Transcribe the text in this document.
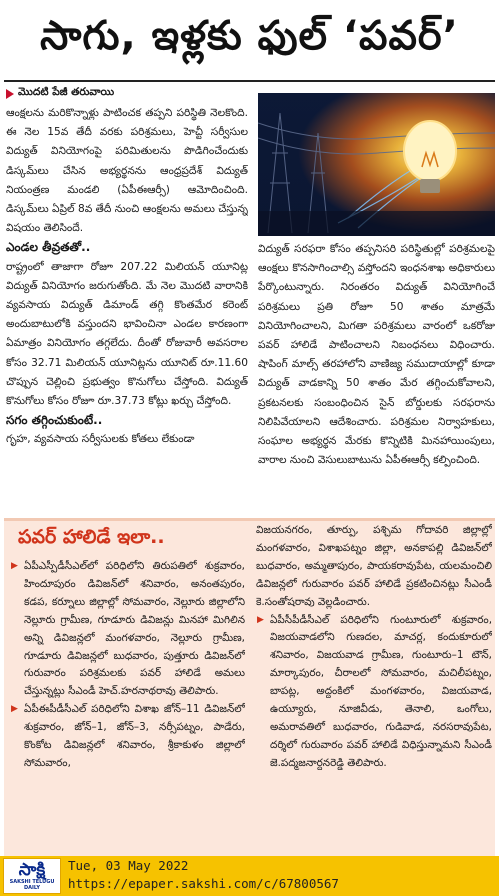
సాగు, ఇళ్లకు ఫుల్ ‘పవర్’
మొదటి పేజీ తరువాయి

ఆంక్షలను మరికొన్నాళ్లు పాటించక తప్పని పరిస్థితి నెలకొంది. ఈ నెల 15వ తేదీ వరకు పరిశ్రమలు, హెచ్టీ సర్వీసుల విద్యుత్ వినియోగంపై పరిమితులను పొడిగించేందుకు డిస్కమ్‌లు చేసిన అభ్యర్థనను ఆంధ్రప్రదేశ్ విద్యుత్ నియంత్రణ మండలి (ఏపీఈఆర్సీ) ఆమోదించింది. డిస్కమ్‌లు ఏప్రిల్ 8వ తేదీ నుంచి ఆంక్షలను అమలు చేస్తున్న విషయం తెలిసిందే.

ఎండల తీవ్రతతో..

రాష్ట్రంలో తాజాగా రోజూ 207.22 మిలియన్ యూనిట్ల విద్యుత్ వినియోగం జరుగుతోంది. మే నెల మొదటి వారానికి వ్యవసాయ విద్యుత్ డిమాండ్ తగ్గి కొంతమేర కరెంట్ అందుబాటులోకి వస్తుందని భావించినా ఎండల కారణంగా ఏమాత్రం వినియోగం తగ్గలేదు. దీంతో రోజువారీ అవసరాల కోసం 32.71 మిలియన్ యూనిట్లను యూనిట్ రూ.11.60 చొప్పున చెల్లించి ప్రభుత్వం కొనుగోలు చేస్తోంది. విద్యుత్ కొనుగోలు కోసం రోజూ రూ.37.73 కోట్లు ఖర్చు చేస్తోంది.

సగం తగ్గించుకుంటే..

గృహ, వ్యవసాయ సర్వీసులకు కోతలు లేకుండా

విద్యుత్ సరఫరా కోసం తప్పనిసరి పరిస్థితుల్లో పరిశ్రమలపై ఆంక్షలు కొనసాగించాల్సి వస్తోందని ఇంధనశాఖ అధికారులు పేర్కొంటున్నారు. నిరంతరం విద్యుత్ వినియోగించే పరిశ్రమలు ప్రతి రోజూ 50 శాతం మాత్రమే వినియోగించాలని, మిగతా పరిశ్రమలు వారంలో ఒకరోజు పవర్ హాలిడే పాటించాలని నిబంధనలు విధించారు. షాపింగ్ మాల్స్ తరహాలోని వాణిజ్య సముదాయాల్లో కూడా విద్యుత్ వాడకాన్ని 50 శాతం మేర తగ్గించుకోవాలని, ప్రకటనలకు సంబంధించిన సైన్ బోర్డులకు సరఫరాను నిలిపివేయాలని ఆదేశించారు. పరిశ్రమల నిర్వాహకులు, సంఘాల అభ్యర్థన మేరకు కొన్నిటికి మినహాయింపులు, వారాల నుంచి వెసులుబాటును ఏపీఈఆర్సీ కల్పించింది.

పవర్ హాలిడే ఇలా..
▶ ఏపీఎస్పీడీసీఎల్‌లో పరిధిలోని తిరుపతిలో శుక్రవారం, హిందూపురం డివిజన్‌లో శనివారం, అనంతపురం, కడప, కర్నూలు జిల్లాల్లో సోమవారం, నెల్లూరు జిల్లాలోని నెల్లూరు గ్రామీణ, గూడూరు డివిజన్లు మినహా మిగిలిన అన్ని డివిజన్లలో మంగళవారం, నెల్లూరు గ్రామీణ, గూడూరు డివిజన్లలో బుధవారం, పుత్తూరు డివిజన్‌లో గురువారం పరిశ్రమలకు పవర్ హాలిడే అమలు చేస్తున్నట్లు సీఎండీ హెచ్.హరనాథరావు తెలిపారు.
▶ ఏపీఈపీడీసీఎల్ పరిధిలోని విశాఖ జోన్–11 డివిజన్‌లో శుక్రవారం, జోన్–1, జోన్–3, నర్సీపట్నం, పాడేరు, కొంకోట డివిజన్లలో శనివారం, శ్రీకాకుళం జిల్లాలో సోమవారం,

విజయనగరం, తూర్పు, పశ్చిమ గోదావరి జిల్లాల్లో మంగళవారం, విశాఖపట్నం జిల్లా, అనకాపల్లి డివిజన్‌లో బుధవారం, అమ్మతాపురం, పాయకరావుపేట, యలమంచిలి డివిజన్లలో గురువారం పవర్ హాలిడే ప్రకటించినట్లు సీఎండీ కె.సంతోషరావు వెల్లడించారు.

▶ ఏపీసీపీడీసీఎల్ పరిధిలోని గుంటూరులో శుక్రవారం, విజయవాడలోని గుణదల, మాచర్ల, కందుకూరులో శనివారం, విజయవాడ గ్రామీణ, గుంటూరు–1 టౌన్, మార్కాపురం, చీరాలలో సోమవారం, మచిలీపట్నం, బాపట్ల, అద్దంకిలో మంగళవారం, విజయవాడ, ఉయ్యూరు, నూజివీడు, తెనాలి, ఒంగోలు, అమరావతిలో బుధవారం, గుడివాడ, నరసరావుపేట, దర్శిలో గురువారం పవర్ హాలిడే విధిస్తున్నామని సీఎండీ జె.పద్మజనార్దనరెడ్డి తెలిపారు.
సాక్షి
SAKSHI TELUGU DAILY
Tue, 03 May 2022
https://epaper.sakshi.com/c/67800567
